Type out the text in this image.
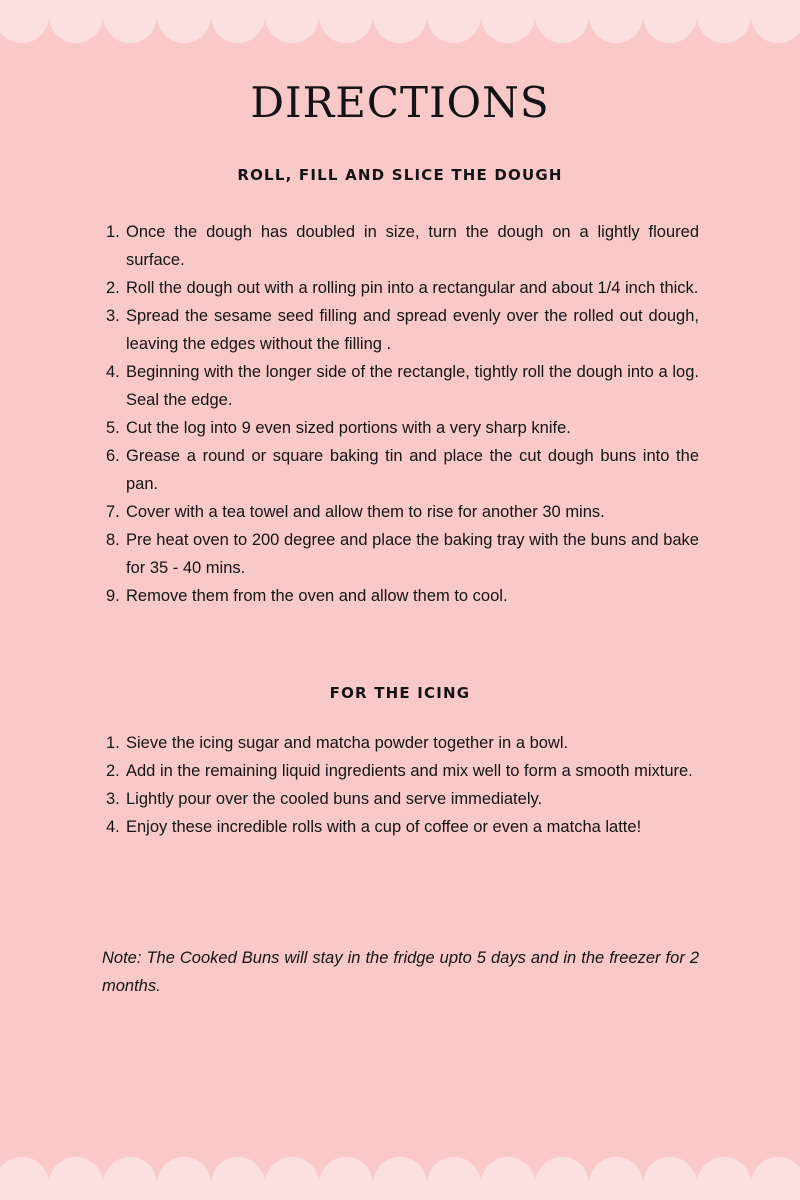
DIRECTIONS
ROLL, FILL AND SLICE THE DOUGH
1. Once the dough has doubled in size, turn the dough on a lightly floured surface.
2. Roll the dough out with a rolling pin into a rectangular and about 1/4 inch thick.
3. Spread the sesame seed filling and spread evenly over the rolled out dough, leaving the edges without the filling .
4. Beginning with the longer side of the rectangle, tightly roll the dough into a log. Seal the edge.
5. Cut the log into 9 even sized portions with a very sharp knife.
6. Grease a round or square baking tin and place the cut dough buns into the pan.
7. Cover with a tea towel and allow them to rise for another 30 mins.
8. Pre heat oven to 200 degree and place the baking tray with the buns and bake for 35 - 40 mins.
9. Remove them from the oven and allow them to cool.
FOR THE ICING
1. Sieve the icing sugar and matcha powder together in a bowl.
2. Add in the remaining liquid ingredients and mix well to form a smooth mixture.
3. Lightly pour over the cooled buns and serve immediately.
4. Enjoy these incredible rolls with a cup of coffee or even a matcha latte!

Note: The Cooked Buns will stay in the fridge upto 5 days and in the freezer for 2 months.
